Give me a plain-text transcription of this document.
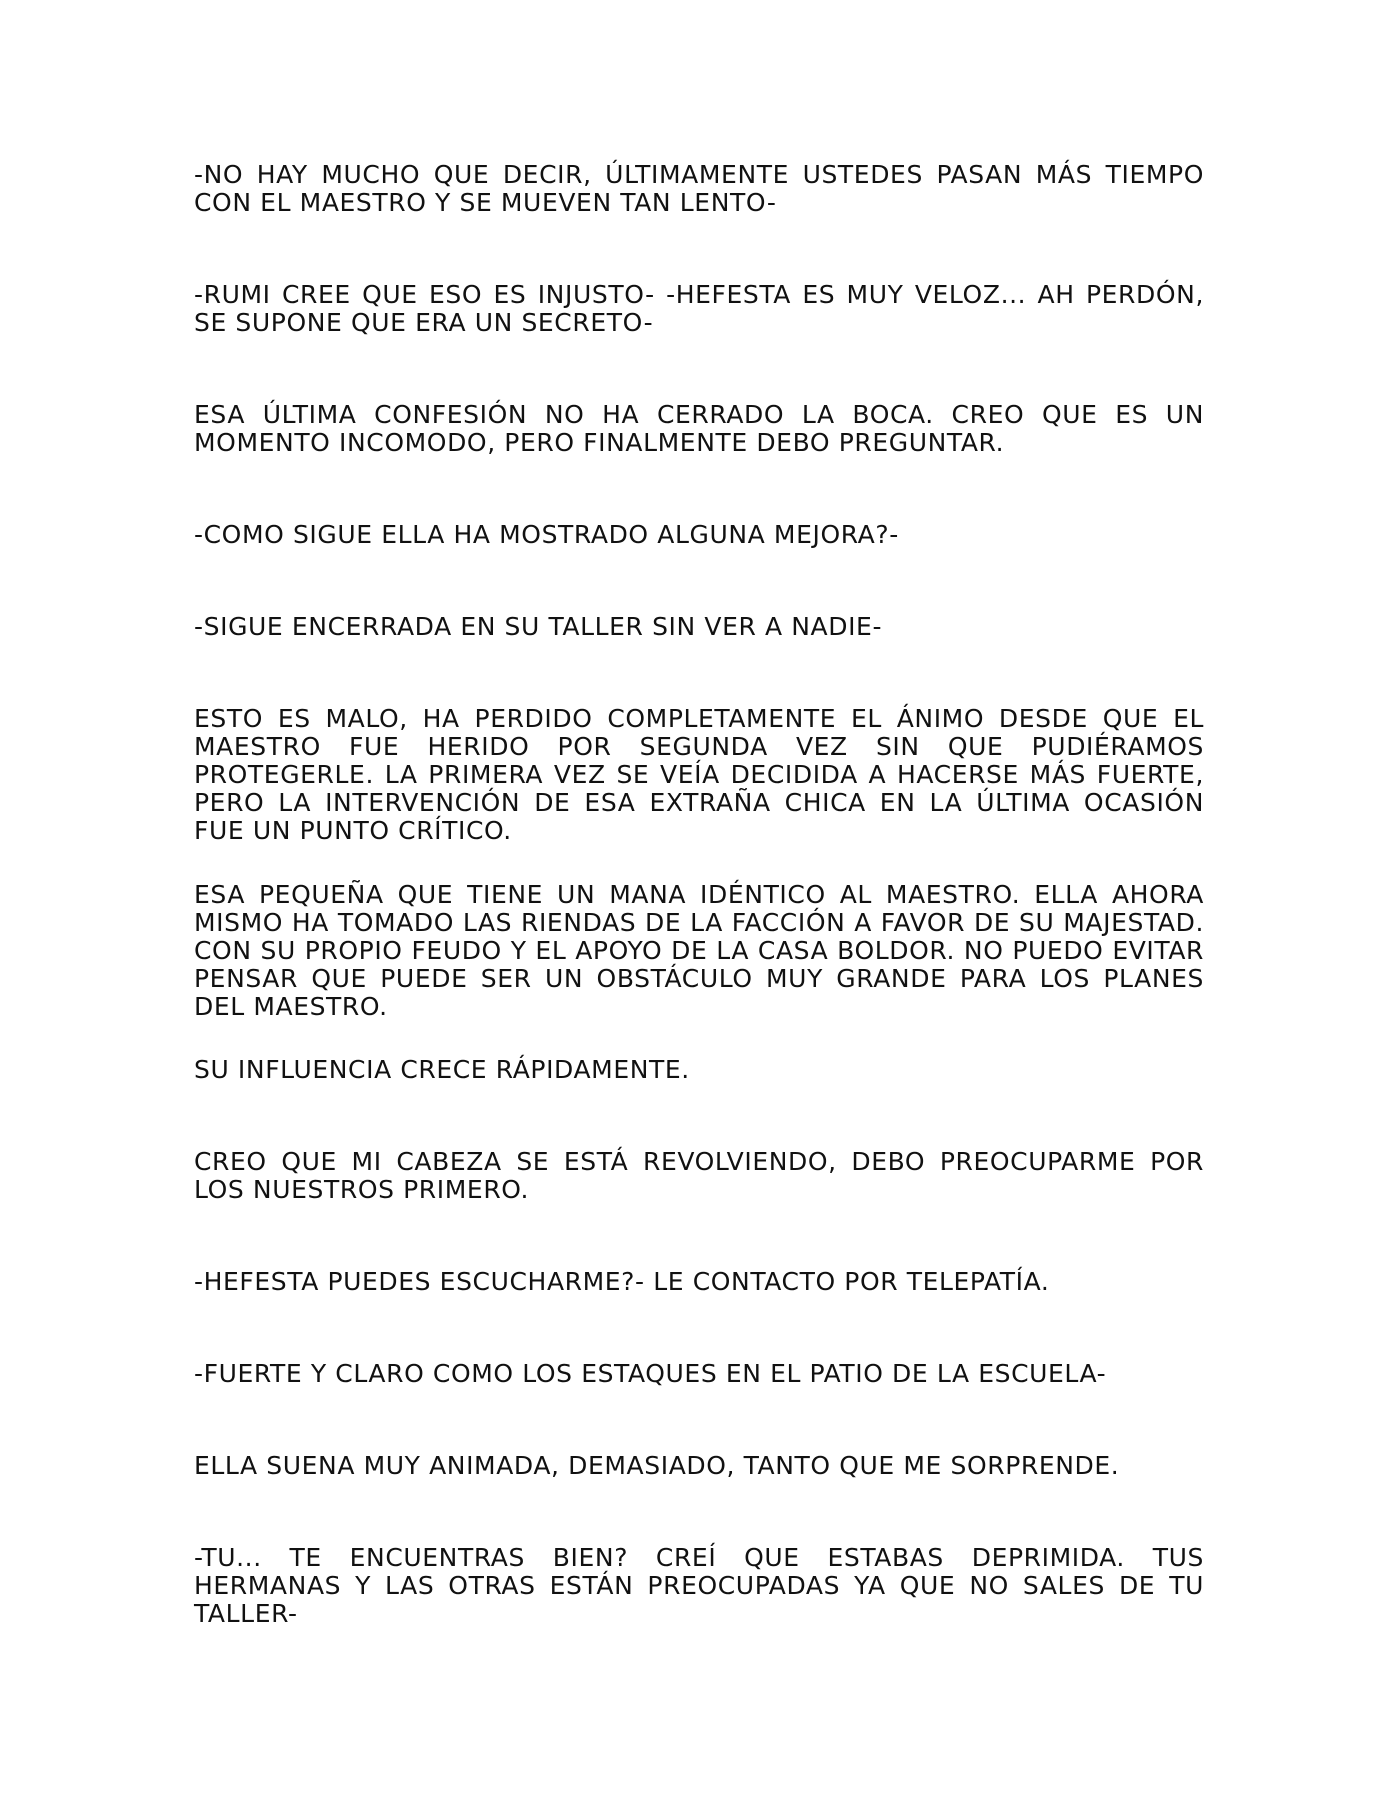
-NO HAY MUCHO QUE DECIR, ÚLTIMAMENTE USTEDES PASAN MÁS TIEMPO CON EL MAESTRO Y SE MUEVEN TAN LENTO-

-RUMI CREE QUE ESO ES INJUSTO- -HEFESTA ES MUY VELOZ... AH PERDÓN, SE SUPONE QUE ERA UN SECRETO-

ESA ÚLTIMA CONFESIÓN NO HA CERRADO LA BOCA. CREO QUE ES UN MOMENTO INCOMODO, PERO FINALMENTE DEBO PREGUNTAR.

-COMO SIGUE ELLA HA MOSTRADO ALGUNA MEJORA?-

-SIGUE ENCERRADA EN SU TALLER SIN VER A NADIE-

ESTO ES MALO, HA PERDIDO COMPLETAMENTE EL ÁNIMO DESDE QUE EL MAESTRO FUE HERIDO POR SEGUNDA VEZ SIN QUE PUDIÉRAMOS PROTEGERLE. LA PRIMERA VEZ SE VEÍA DECIDIDA A HACERSE MÁS FUERTE, PERO LA INTERVENCIÓN DE ESA EXTRAÑA CHICA EN LA ÚLTIMA OCASIÓN FUE UN PUNTO CRÍTICO.

ESA PEQUEÑA QUE TIENE UN MANA IDÉNTICO AL MAESTRO. ELLA AHORA MISMO HA TOMADO LAS RIENDAS DE LA FACCIÓN A FAVOR DE SU MAJESTAD. CON SU PROPIO FEUDO Y EL APOYO DE LA CASA BOLDOR. NO PUEDO EVITAR PENSAR QUE PUEDE SER UN OBSTÁCULO MUY GRANDE PARA LOS PLANES DEL MAESTRO.

SU INFLUENCIA CRECE RÁPIDAMENTE.

CREO QUE MI CABEZA SE ESTÁ REVOLVIENDO, DEBO PREOCUPARME POR LOS NUESTROS PRIMERO.

-HEFESTA PUEDES ESCUCHARME?- LE CONTACTO POR TELEPATÍA.

-FUERTE Y CLARO COMO LOS ESTAQUES EN EL PATIO DE LA ESCUELA-

ELLA SUENA MUY ANIMADA, DEMASIADO, TANTO QUE ME SORPRENDE.

-TU... TE ENCUENTRAS BIEN? CREÍ QUE ESTABAS DEPRIMIDA. TUS HERMANAS Y LAS OTRAS ESTÁN PREOCUPADAS YA QUE NO SALES DE TU TALLER-
